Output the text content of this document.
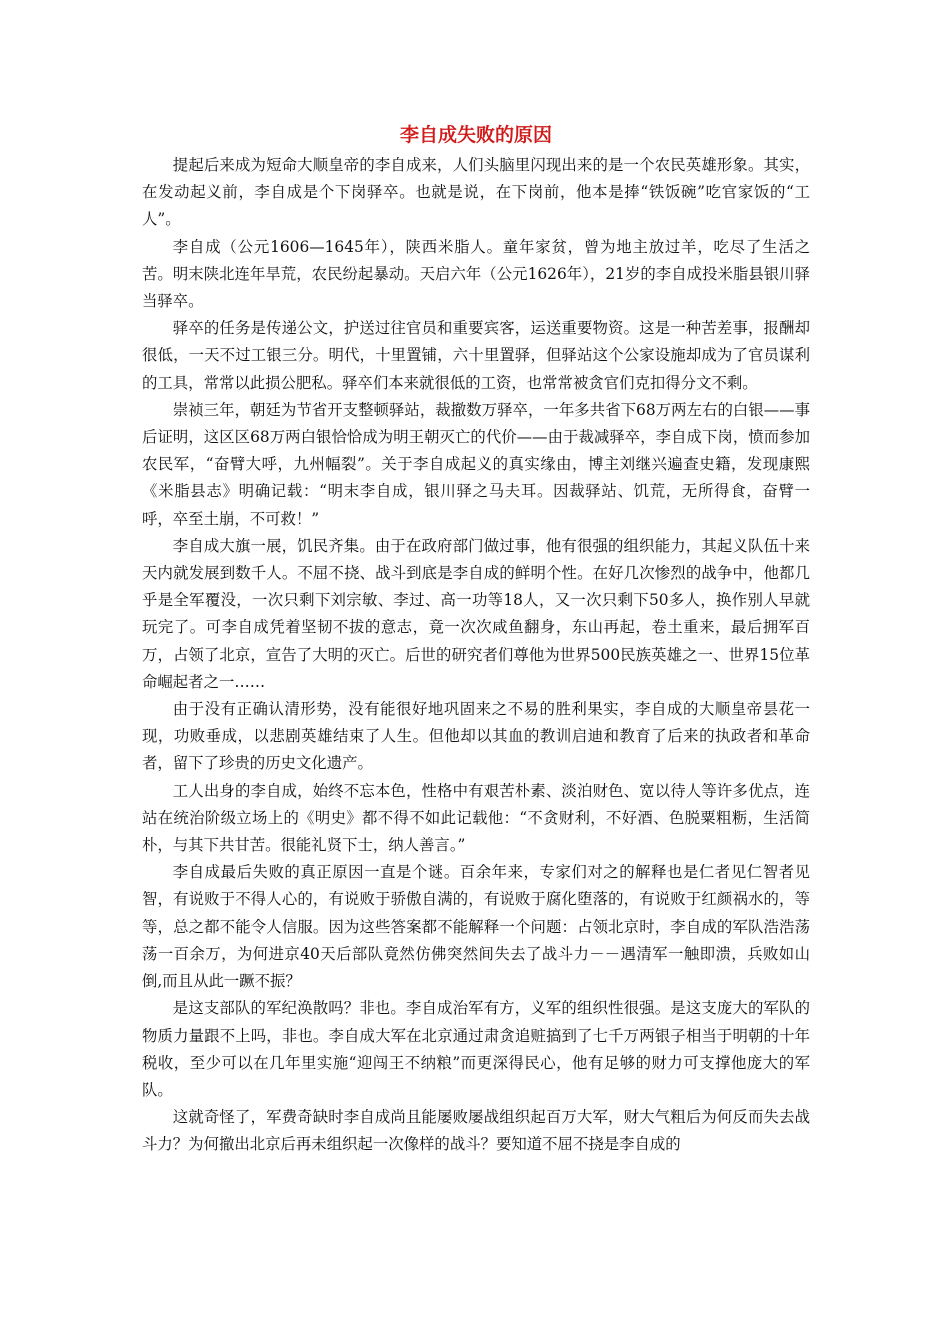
李自成失败的原因

提起后来成为短命大顺皇帝的李自成来，人们头脑里闪现出来的是一个农民英雄形象。其实，在发动起义前，李自成是个下岗驿卒。也就是说，在下岗前，他本是捧“铁饭碗”吃官家饭的“工人”。

李自成（公元1606—1645年），陕西米脂人。童年家贫，曾为地主放过羊，吃尽了生活之苦。明末陕北连年旱荒，农民纷起暴动。天启六年（公元1626年），21岁的李自成投米脂县银川驿当驿卒。

驿卒的任务是传递公文，护送过往官员和重要宾客，运送重要物资。这是一种苦差事，报酬却很低，一天不过工银三分。明代，十里置铺，六十里置驿，但驿站这个公家设施却成为了官员谋利的工具，常常以此损公肥私。驿卒们本来就很低的工资，也常常被贪官们克扣得分文不剩。

崇祯三年，朝廷为节省开支整顿驿站，裁撤数万驿卒，一年多共省下68万两左右的白银——事后证明，这区区68万两白银恰恰成为明王朝灭亡的代价——由于裁减驿卒，李自成下岗，愤而参加农民军，“奋臂大呼，九州幅裂”。关于李自成起义的真实缘由，博主刘继兴遍查史籍，发现康熙《米脂县志》明确记载：“明末李自成，银川驿之马夫耳。因裁驿站、饥荒，无所得食，奋臂一呼，卒至土崩，不可救！”

李自成大旗一展，饥民齐集。由于在政府部门做过事，他有很强的组织能力，其起义队伍十来天内就发展到数千人。不屈不挠、战斗到底是李自成的鲜明个性。在好几次惨烈的战争中，他都几乎是全军覆没，一次只剩下刘宗敏、李过、高一功等18人，又一次只剩下50多人，换作别人早就玩完了。可李自成凭着坚韧不拔的意志，竟一次次咸鱼翻身，东山再起，卷土重来，最后拥军百万，占领了北京，宣告了大明的灭亡。后世的研究者们尊他为世界500民族英雄之一、世界15位革命崛起者之一……

由于没有正确认清形势，没有能很好地巩固来之不易的胜利果实，李自成的大顺皇帝昙花一现，功败垂成，以悲剧英雄结束了人生。但他却以其血的教训启迪和教育了后来的执政者和革命者，留下了珍贵的历史文化遗产。

工人出身的李自成，始终不忘本色，性格中有艰苦朴素、淡泊财色、宽以待人等许多优点，连站在统治阶级立场上的《明史》都不得不如此记载他：“不贪财利，不好酒、色脱粟粗粝，生活简朴，与其下共甘苦。很能礼贤下士，纳人善言。”

李自成最后失败的真正原因一直是个谜。百余年来，专家们对之的解释也是仁者见仁智者见智，有说败于不得人心的，有说败于骄傲自满的，有说败于腐化堕落的，有说败于红颜祸水的，等等，总之都不能令人信服。因为这些答案都不能解释一个问题：占领北京时，李自成的军队浩浩荡荡一百余万，为何进京40天后部队竟然仿佛突然间失去了战斗力－－遇清军一触即溃，兵败如山倒,而且从此一蹶不振？

是这支部队的军纪涣散吗？非也。李自成治军有方，义军的组织性很强。是这支庞大的军队的物质力量跟不上吗，非也。李自成大军在北京通过肃贪追赃搞到了七千万两银子相当于明朝的十年税收，至少可以在几年里实施“迎闯王不纳粮”而更深得民心，他有足够的财力可支撑他庞大的军队。

这就奇怪了，军费奇缺时李自成尚且能屡败屡战组织起百万大军，财大气粗后为何反而失去战斗力？为何撤出北京后再未组织起一次像样的战斗？要知道不屈不挠是李自成的
